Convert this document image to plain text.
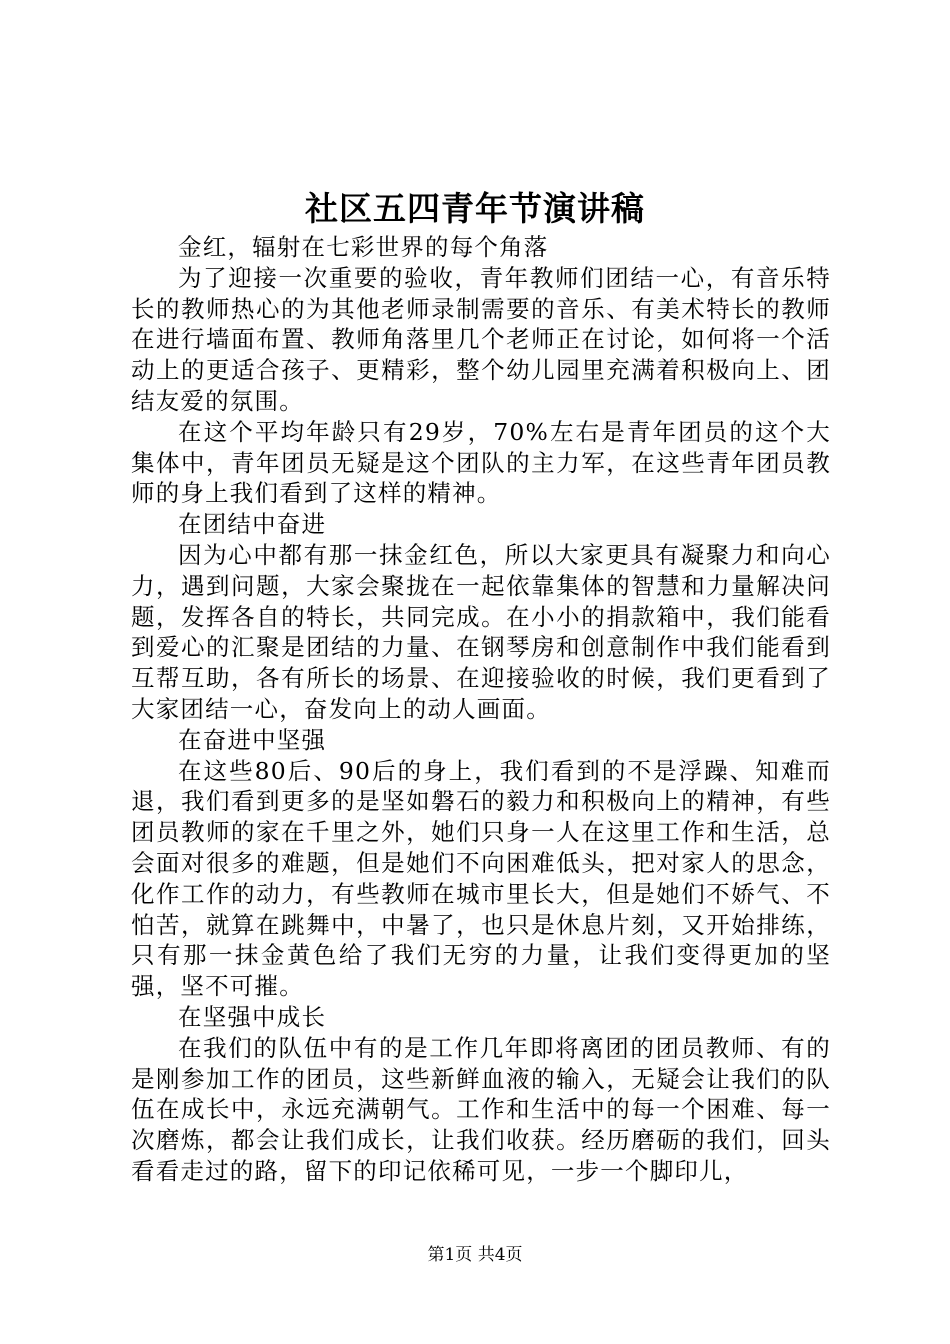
社区五四青年节演讲稿

金红，辐射在七彩世界的每个角落

为了迎接一次重要的验收，青年教师们团结一心，有音乐特长的教师热心的为其他老师录制需要的音乐、有美术特长的教师在进行墙面布置、教师角落里几个老师正在讨论，如何将一个活动上的更适合孩子、更精彩，整个幼儿园里充满着积极向上、团结友爱的氛围。

在这个平均年龄只有29岁，70%左右是青年团员的这个大集体中，青年团员无疑是这个团队的主力军，在这些青年团员教师的身上我们看到了这样的精神。

在团结中奋进

因为心中都有那一抹金红色，所以大家更具有凝聚力和向心力，遇到问题，大家会聚拢在一起依靠集体的智慧和力量解决问题，发挥各自的特长，共同完成。在小小的捐款箱中，我们能看到爱心的汇聚是团结的力量、在钢琴房和创意制作中我们能看到互帮互助，各有所长的场景、在迎接验收的时候，我们更看到了大家团结一心，奋发向上的动人画面。

在奋进中坚强

在这些80后、90后的身上，我们看到的不是浮躁、知难而退，我们看到更多的是坚如磐石的毅力和积极向上的精神，有些团员教师的家在千里之外，她们只身一人在这里工作和生活，总会面对很多的难题，但是她们不向困难低头，把对家人的思念，化作工作的动力，有些教师在城市里长大，但是她们不娇气、不怕苦，就算在跳舞中，中暑了，也只是休息片刻，又开始排练，只有那一抹金黄色给了我们无穷的力量，让我们变得更加的坚强，坚不可摧。

在坚强中成长

在我们的队伍中有的是工作几年即将离团的团员教师、有的是刚参加工作的团员，这些新鲜血液的输入，无疑会让我们的队伍在成长中，永远充满朝气。工作和生活中的每一个困难、每一次磨炼，都会让我们成长，让我们收获。经历磨砺的我们，回头看看走过的路，留下的印记依稀可见，一步一个脚印儿，

第1页 共4页
